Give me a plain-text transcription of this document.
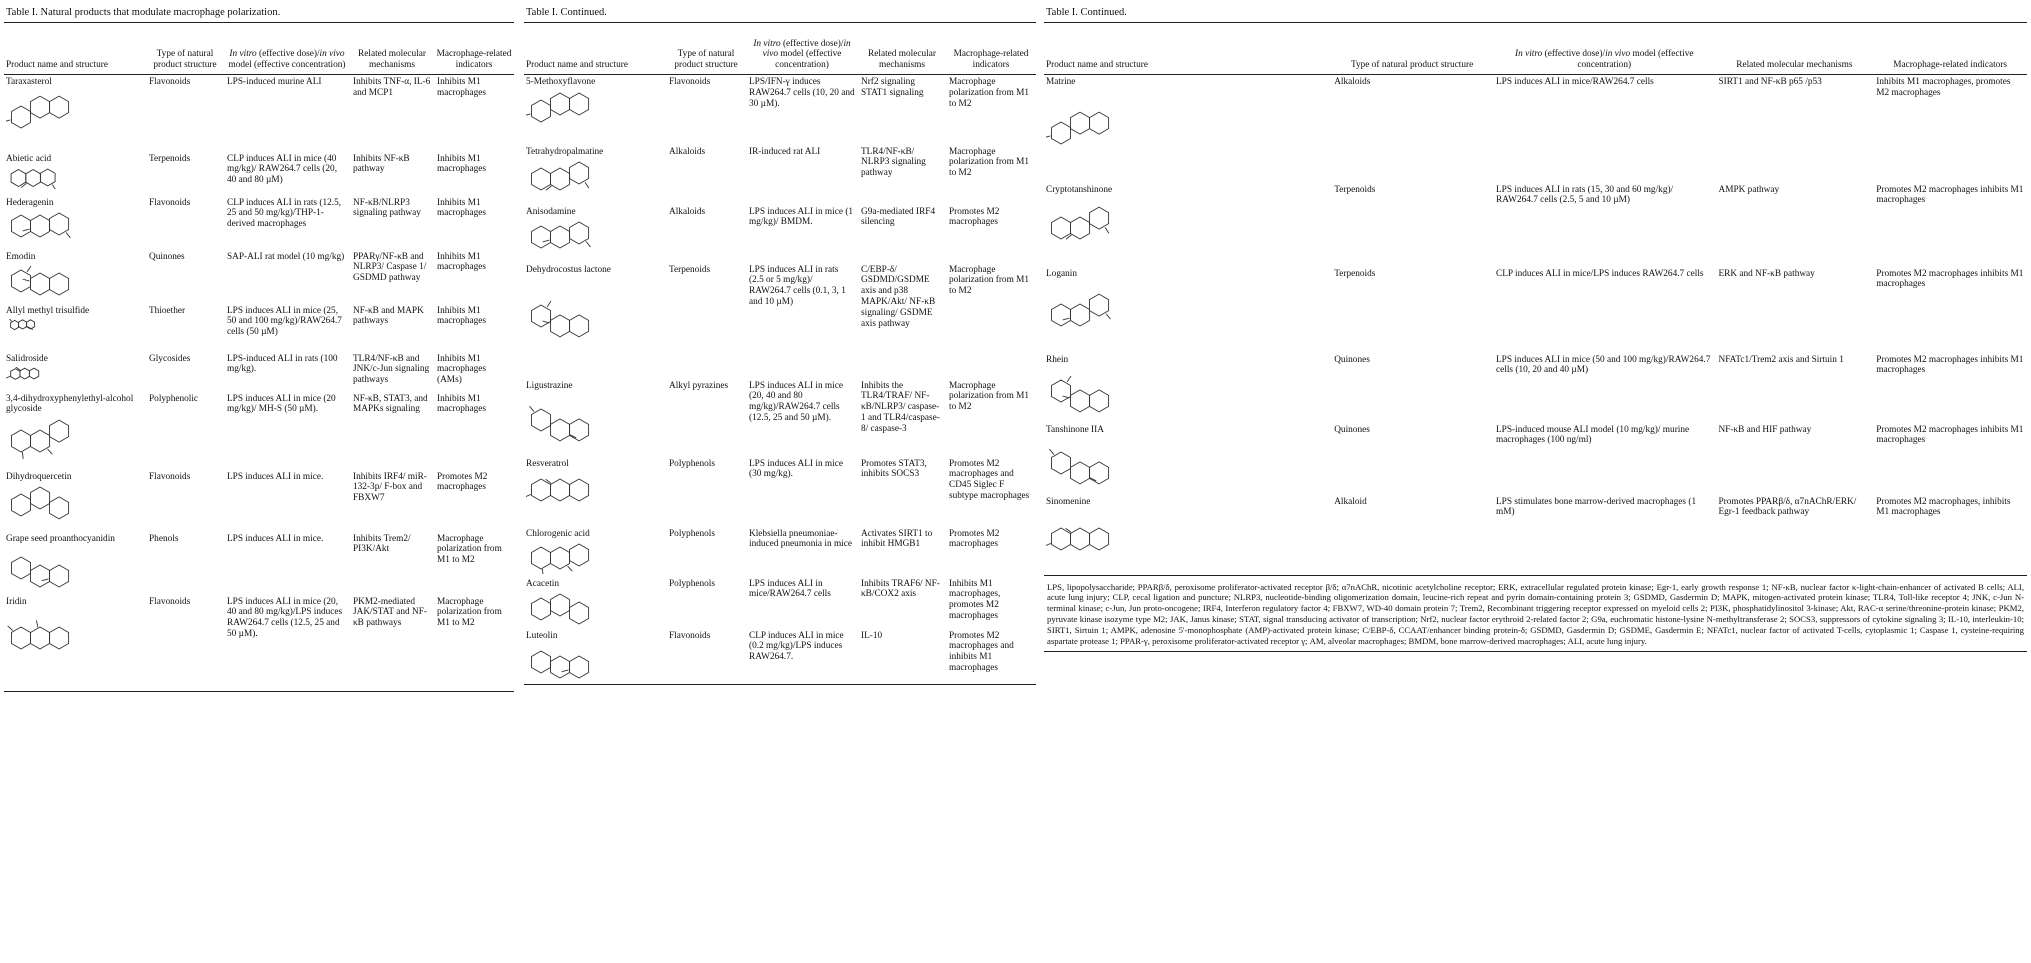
Table I. Natural products that modulate macrophage polarization.
Product name and structure	Type of natural product structure	In vitro (effective dose)/in vivo model (effective concentration)	Related molecular mechanisms	Macrophage-related indicators

Taraxasterol	Flavonoids	LPS-induced murine ALI	Inhibits TNF-α, IL-6 and MCP1	Inhibits M1 macrophages

Abietic acid	Terpenoids	CLP induces ALI in mice (40 mg/kg)/ RAW264.7 cells (20, 40 and 80 µM)	Inhibits NF-κB pathway	Inhibits M1 macrophages

Hederagenin	Flavonoids	CLP induces ALI in rats (12.5, 25 and 50 mg/kg)/THP-1-derived macrophages	NF-κB/NLRP3 signaling pathway	Inhibits M1 macrophages

Emodin	Quinones	SAP-ALI rat model (10 mg/kg)	PPARγ/NF-κB and NLRP3/ Caspase 1/ GSDMD pathway	Inhibits M1 macrophages

Allyl methyl trisulfide	Thioether	LPS induces ALI in mice (25, 50 and 100 mg/kg)/RAW264.7 cells (50 µM)	NF-κB and MAPK pathways	Inhibits M1 macrophages

Salidroside	Glycosides	LPS-induced ALI in rats (100 mg/kg).	TLR4/NF-κB and JNK/c-Jun signaling pathways	Inhibits M1 macrophages (AMs)

3,4-dihydroxyphenylethyl-alcohol glycoside	Polyphenolic	LPS induces ALI in mice (20 mg/kg)/ MH-S (50 µM).	NF-κB, STAT3, and MAPKs signaling	Inhibits M1 macrophages

Dihydroquercetin	Flavonoids	LPS induces ALI in mice.	Inhibits IRF4/ miR-132-3p/ F-box and FBXW7	Promotes M2 macrophages

Grape seed proanthocyanidin	Phenols	LPS induces ALI in mice.	Inhibits Trem2/ PI3K/Akt	Macrophage polarization from M1 to M2

Iridin	Flavonoids	LPS induces ALI in mice (20, 40 and 80 mg/kg)/LPS induces RAW264.7 cells (12.5, 25 and 50 µM).	PKM2-mediated JAK/STAT and NF-κB pathways	Macrophage polarization from M1 to M2
Table I. Continued.
Product name and structure	Type of natural product structure	In vitro (effective dose)/in vivo model (effective concentration)	Related molecular mechanisms	Macrophage-related indicators

5-Methoxyflavone	Flavonoids	LPS/IFN-γ induces RAW264.7 cells (10, 20 and 30 µM).	Nrf2 signaling STAT1 signaling	Macrophage polarization from M1 to M2

Tetrahydropalmatine	Alkaloids	IR-induced rat ALI	TLR4/NF-κB/ NLRP3 signaling pathway	Macrophage polarization from M1 to M2

Anisodamine	Alkaloids	LPS induces ALI in mice (1 mg/kg)/ BMDM.	G9a-mediated IRF4 silencing	Promotes M2 macrophages

Dehydrocostus lactone	Terpenoids	LPS induces ALI in rats (2.5 or 5 mg/kg)/ RAW264.7 cells (0.1, 3, 1 and 10 µM)	C/EBP-δ/ GSDMD/GSDME axis and p38 MAPK/Akt/ NF-κB signaling/ GSDME axis pathway	Macrophage polarization from M1 to M2

Ligustrazine	Alkyl pyrazines	LPS induces ALI in mice (20, 40 and 80 mg/kg)/RAW264.7 cells (12.5, 25 and 50 µM).	Inhibits the TLR4/TRAF/ NF-κB/NLRP3/ caspase-1 and TLR4/caspase-8/ caspase-3	Macrophage polarization from M1 to M2

Resveratrol	Polyphenols	LPS induces ALI in mice (30 mg/kg).	Promotes STAT3, inhibits SOCS3	Promotes M2 macrophages and CD45 Siglec F subtype macrophages

Chlorogenic acid	Polyphenols	Klebsiella pneumoniae-induced pneumonia in mice	Activates SIRT1 to inhibit HMGB1	Promotes M2 macrophages

Acacetin	Polyphenols	LPS induces ALI in mice/RAW264.7 cells	Inhibits TRAF6/ NF-κB/COX2 axis	Inhibits M1 macrophages, promotes M2 macrophages

Luteolin	Flavonoids	CLP induces ALI in mice (0.2 mg/kg)/LPS induces RAW264.7.	IL-10	Promotes M2 macrophages and inhibits M1 macrophages
Table I. Continued.
Product name and structure	Type of natural product structure	In vitro (effective dose)/in vivo model (effective concentration)	Related molecular mechanisms	Macrophage-related indicators

Matrine	Alkaloids	LPS induces ALI in mice/RAW264.7 cells	SIRT1 and NF-κB p65 /p53	Inhibits M1 macrophages, promotes M2 macrophages

Cryptotanshinone	Terpenoids	LPS induces ALI in rats (15, 30 and 60 mg/kg)/ RAW264.7 cells (2.5, 5 and 10 µM)	AMPK pathway	Promotes M2 macrophages inhibits M1 macrophages

Loganin	Terpenoids	CLP induces ALI in mice/LPS induces RAW264.7 cells	ERK and NF-κB pathway	Promotes M2 macrophages inhibits M1 macrophages

Rhein	Quinones	LPS induces ALI in mice (50 and 100 mg/kg)/RAW264.7 cells (10, 20 and 40 µM)	NFATc1/Trem2 axis and Sirtuin 1	Promotes M2 macrophages inhibits M1 macrophages

Tanshinone IIA	Quinones	LPS-induced mouse ALI model (10 mg/kg)/ murine macrophages (100 ng/ml)	NF-κB and HIF pathway	Promotes M2 macrophages inhibits M1 macrophages

Sinomenine	Alkaloid	LPS stimulates bone marrow-derived macrophages (1 mM)	Promotes PPARβ/δ, α7nAChR/ERK/ Egr-1 feedback pathway	Promotes M2 macrophages, inhibits M1 macrophages
LPS, lipopolysaccharide; PPARβ/δ, peroxisome proliferator-activated receptor β/δ; α7nAChR, nicotinic acetylcholine receptor; ERK, extracellular regulated protein kinase; Egr-1, early growth response 1; NF-κB, nuclear factor κ-light-chain-enhancer of activated B cells; ALI, acute lung injury; CLP, cecal ligation and puncture; NLRP3, nucleotide-binding oligomerization domain, leucine-rich repeat and pyrin domain-containing protein 3; GSDMD, Gasdermin D; MAPK, mitogen-activated protein kinase; TLR4, Toll-like receptor 4; JNK, c-Jun N-terminal kinase; c-Jun, Jun proto-oncogene; IRF4, Interferon regulatory factor 4; FBXW7, WD-40 domain protein 7; Trem2, Recombinant triggering receptor expressed on myeloid cells 2; PI3K, phosphatidylinositol 3-kinase; Akt, RAC-α serine/threonine-protein kinase; PKM2, pyruvate kinase isozyme type M2; JAK, Janus kinase; STAT, signal transducing activator of transcription; Nrf2, nuclear factor erythroid 2-related factor 2; G9a, euchromatic histone-lysine N-methyltransferase 2; SOCS3, suppressors of cytokine signaling 3; IL-10, interleukin-10; SIRT1, Sirtuin 1; AMPK, adenosine 5'-monophosphate (AMP)-activated protein kinase; C/EBP-δ, CCAAT/enhancer binding protein-δ; GSDMD, Gasdermin D; GSDME, Gasdermin E; NFATc1, nuclear factor of activated T-cells, cytoplasmic 1; Caspase 1, cysteine-requiring aspartate protease 1; PPAR-γ, peroxisome proliferator-activated receptor γ; AM, alveolar macrophages; BMDM, bone marrow-derived macrophages; ALI, acute lung injury.
